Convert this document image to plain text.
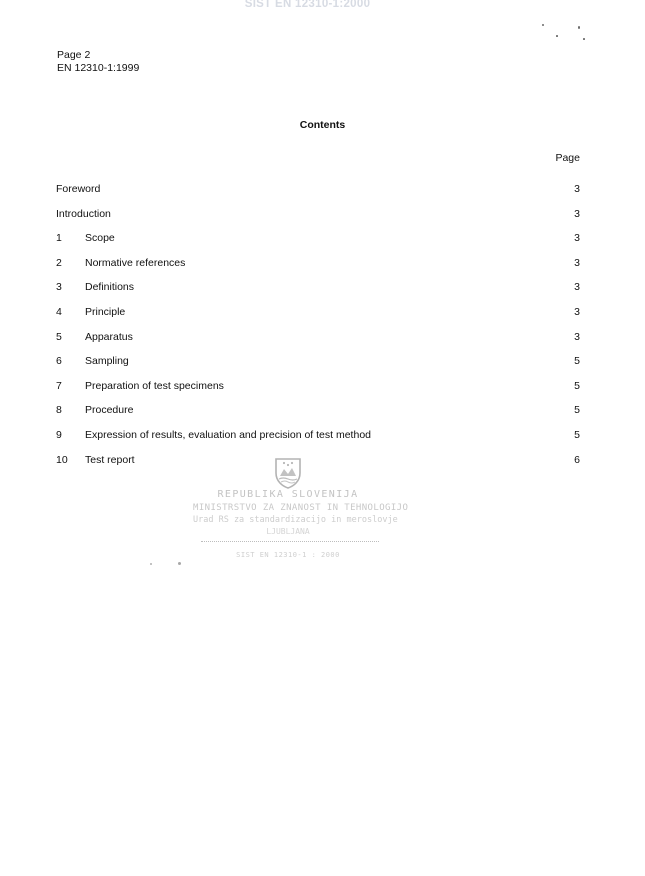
SIST EN 12310-1:2000
Page 2
EN 12310-1:1999
Contents
Page
Foreword	3
Introduction	3
1 Scope	3
2 Normative references	3
3 Definitions	3
4 Principle	3
5 Apparatus	3
6 Sampling	5
7 Preparation of test specimens	5
8 Procedure	5
9 Expression of results, evaluation and precision of test method	5
10 Test report	6
REPUBLIKA SLOVENIJA
MINISTRSTVO ZA ZNANOST IN TEHNOLOGIJO
Urad RS za standardizacijo in meroslovje
LJUBLJANA
SIST EN 12310-1 : 2000
